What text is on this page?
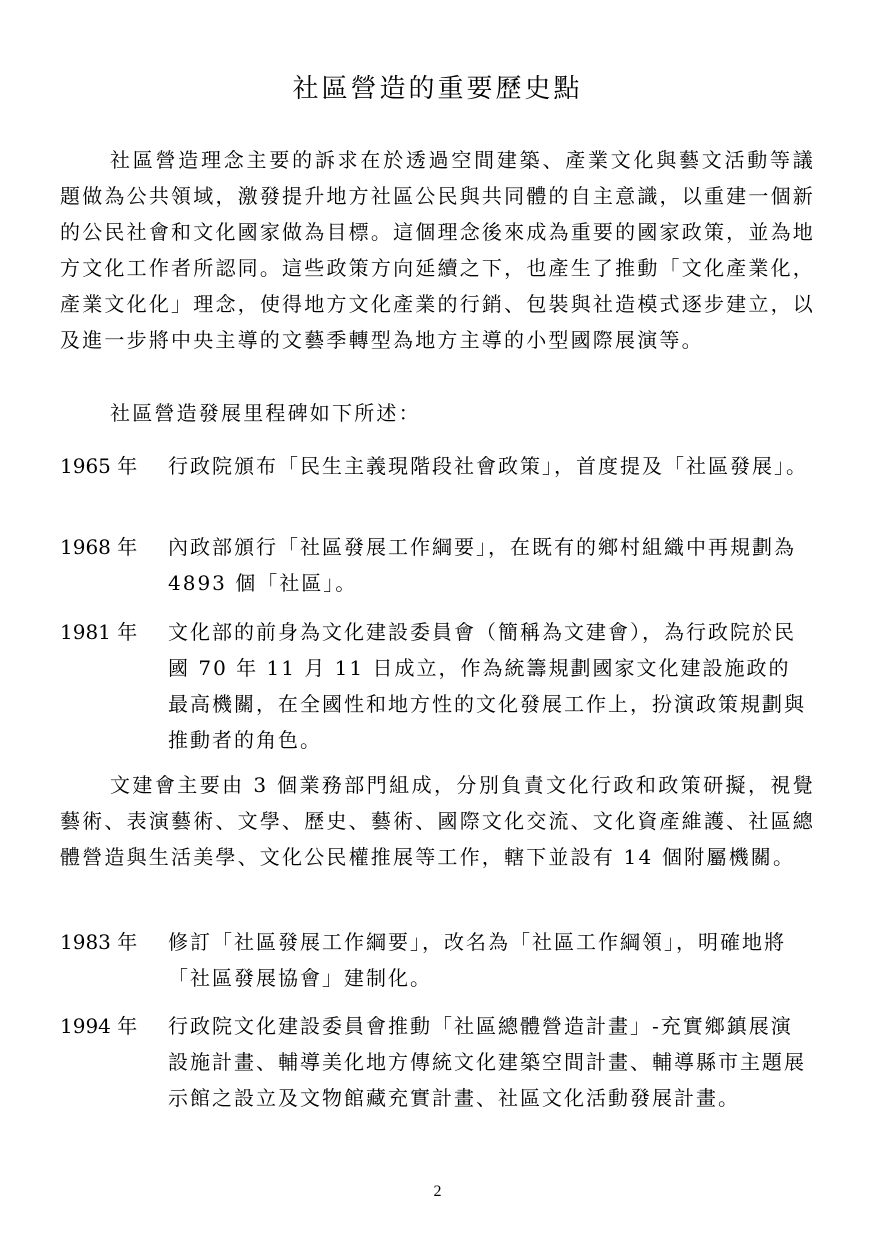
社區營造的重要歷史點

社區營造理念主要的訴求在於透過空間建築、產業文化與藝文活動等議題做為公共領域，激發提升地方社區公民與共同體的自主意識，以重建一個新的公民社會和文化國家做為目標。這個理念後來成為重要的國家政策，並為地方文化工作者所認同。這些政策方向延續之下，也產生了推動「文化產業化，產業文化化」理念，使得地方文化產業的行銷、包裝與社造模式逐步建立，以及進一步將中央主導的文藝季轉型為地方主導的小型國際展演等。

社區營造發展里程碑如下所述：

1965 年	行政院頒布「民生主義現階段社會政策」，首度提及「社區發展」。
1968 年	內政部頒行「社區發展工作綱要」，在既有的鄉村組織中再規劃為 4893 個「社區」。
1981 年	文化部的前身為文化建設委員會（簡稱為文建會），為行政院於民國 70 年 11 月 11 日成立，作為統籌規劃國家文化建設施政的最高機關，在全國性和地方性的文化發展工作上，扮演政策規劃與推動者的角色。

文建會主要由 3 個業務部門組成，分別負責文化行政和政策研擬，視覺藝術、表演藝術、文學、歷史、藝術、國際文化交流、文化資產維護、社區總體營造與生活美學、文化公民權推展等工作，轄下並設有 14 個附屬機關。

1983 年	修訂「社區發展工作綱要」，改名為「社區工作綱領」，明確地將「社區發展協會」建制化。
1994 年	行政院文化建設委員會推動「社區總體營造計畫」-充實鄉鎮展演設施計畫、輔導美化地方傳統文化建築空間計畫、輔導縣市主題展示館之設立及文物館藏充實計畫、社區文化活動發展計畫。
2
